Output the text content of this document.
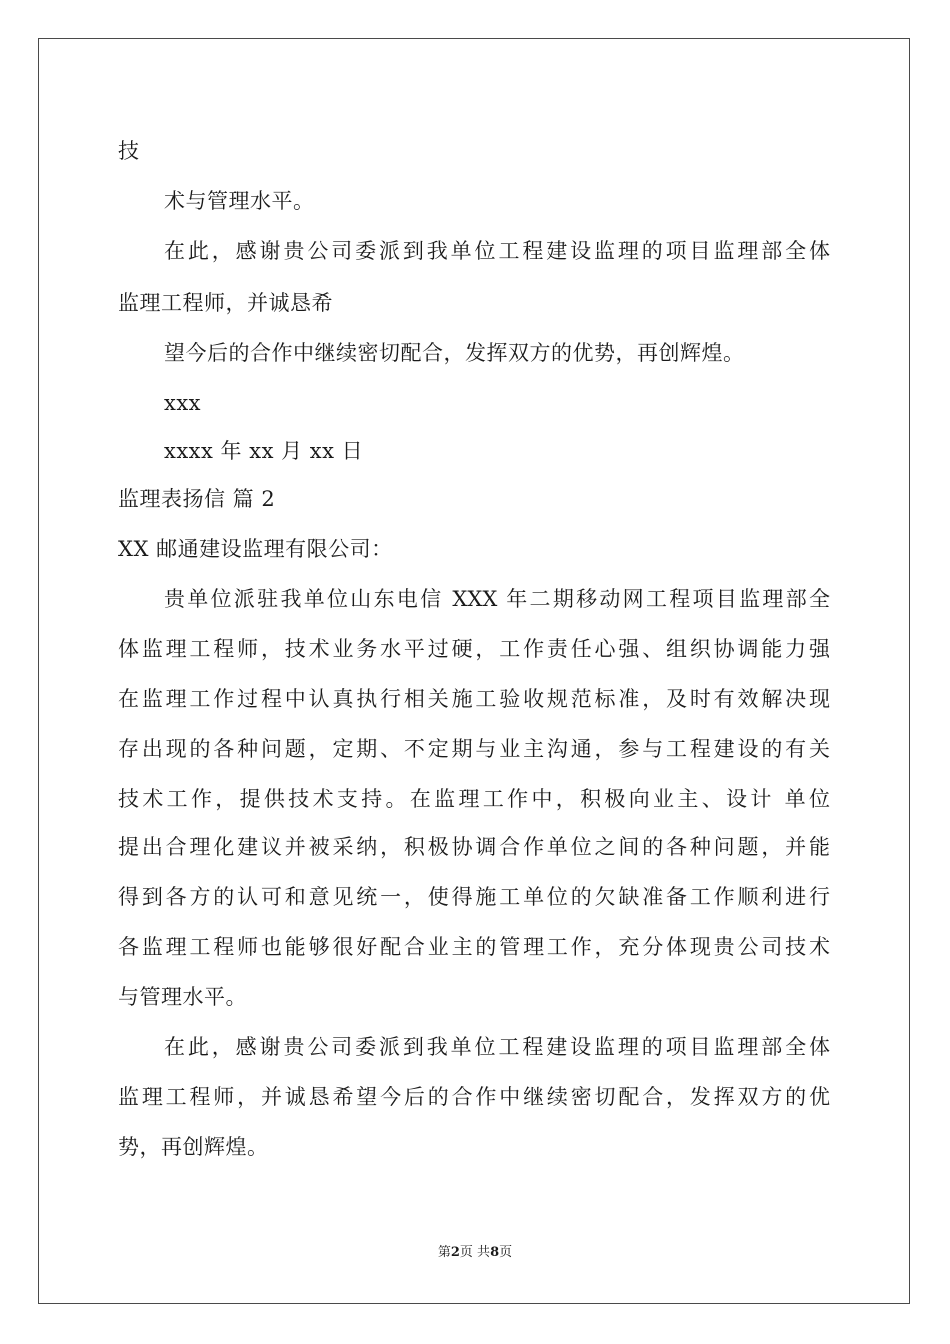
技
术与管理水平。
在此，感谢贵公司委派到我单位工程建设监理的项目监理部全体
监理工程师，并诚恳希
望今后的合作中继续密切配合，发挥双方的优势，再创辉煌。
xxx
xxxx 年 xx 月 xx 日
监理表扬信 篇 2
XX 邮通建设监理有限公司：
贵单位派驻我单位山东电信 XXX 年二期移动网工程项目监理部全
体监理工程师，技术业务水平过硬，工作责任心强、组织协调能力强
在监理工作过程中认真执行相关施工验收规范标准，及时有效解决现
存出现的各种问题，定期、不定期与业主沟通，参与工程建设的有关
技术工作，提供技术支持。在监理工作中，积极向业主、设计 单位
提出合理化建议并被采纳，积极协调合作单位之间的各种问题，并能
得到各方的认可和意见统一，使得施工单位的欠缺准备工作顺利进行
各监理工程师也能够很好配合业主的管理工作，充分体现贵公司技术
与管理水平。
在此，感谢贵公司委派到我单位工程建设监理的项目监理部全体
监理工程师，并诚恳希望今后的合作中继续密切配合，发挥双方的优
势，再创辉煌。
第2页 共8页
